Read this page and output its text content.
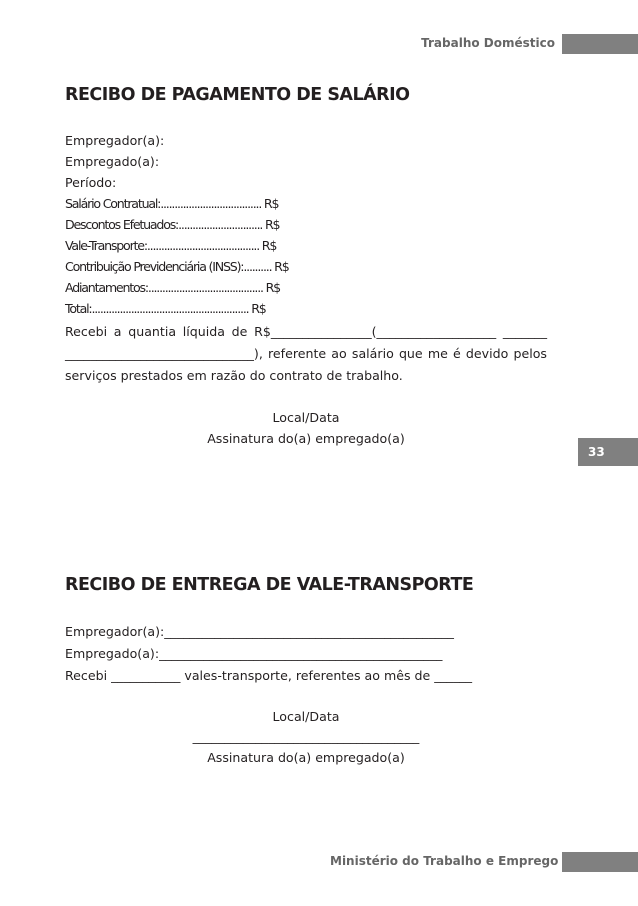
Trabalho Doméstico
33
RECIBO DE PAGAMENTO DE SALÁRIO
Empregador(a):
Empregado(a):
Período:
Salário Contratual:.................................... R$
Descontos Efetuados:.............................. R$
Vale-Transporte:........................................ R$
Contribuição Previdenciária (INSS):.......... R$
Adiantamentos:......................................... R$
Total:........................................................ R$
Recebi a quantia líquida de R$________________(___________________ _______
______________________________), referente ao salário que me é devido pelos
serviços prestados em razão do contrato de trabalho.
Local/Data
Assinatura do(a) empregado(a)
RECIBO DE ENTREGA DE VALE-TRANSPORTE
Empregador(a):______________________________________________
Empregado(a):_____________________________________________
Recebi ___________ vales-transporte, referentes ao mês de ______
Local/Data
____________________________________
Assinatura do(a) empregado(a)
Ministério do Trabalho e Emprego
